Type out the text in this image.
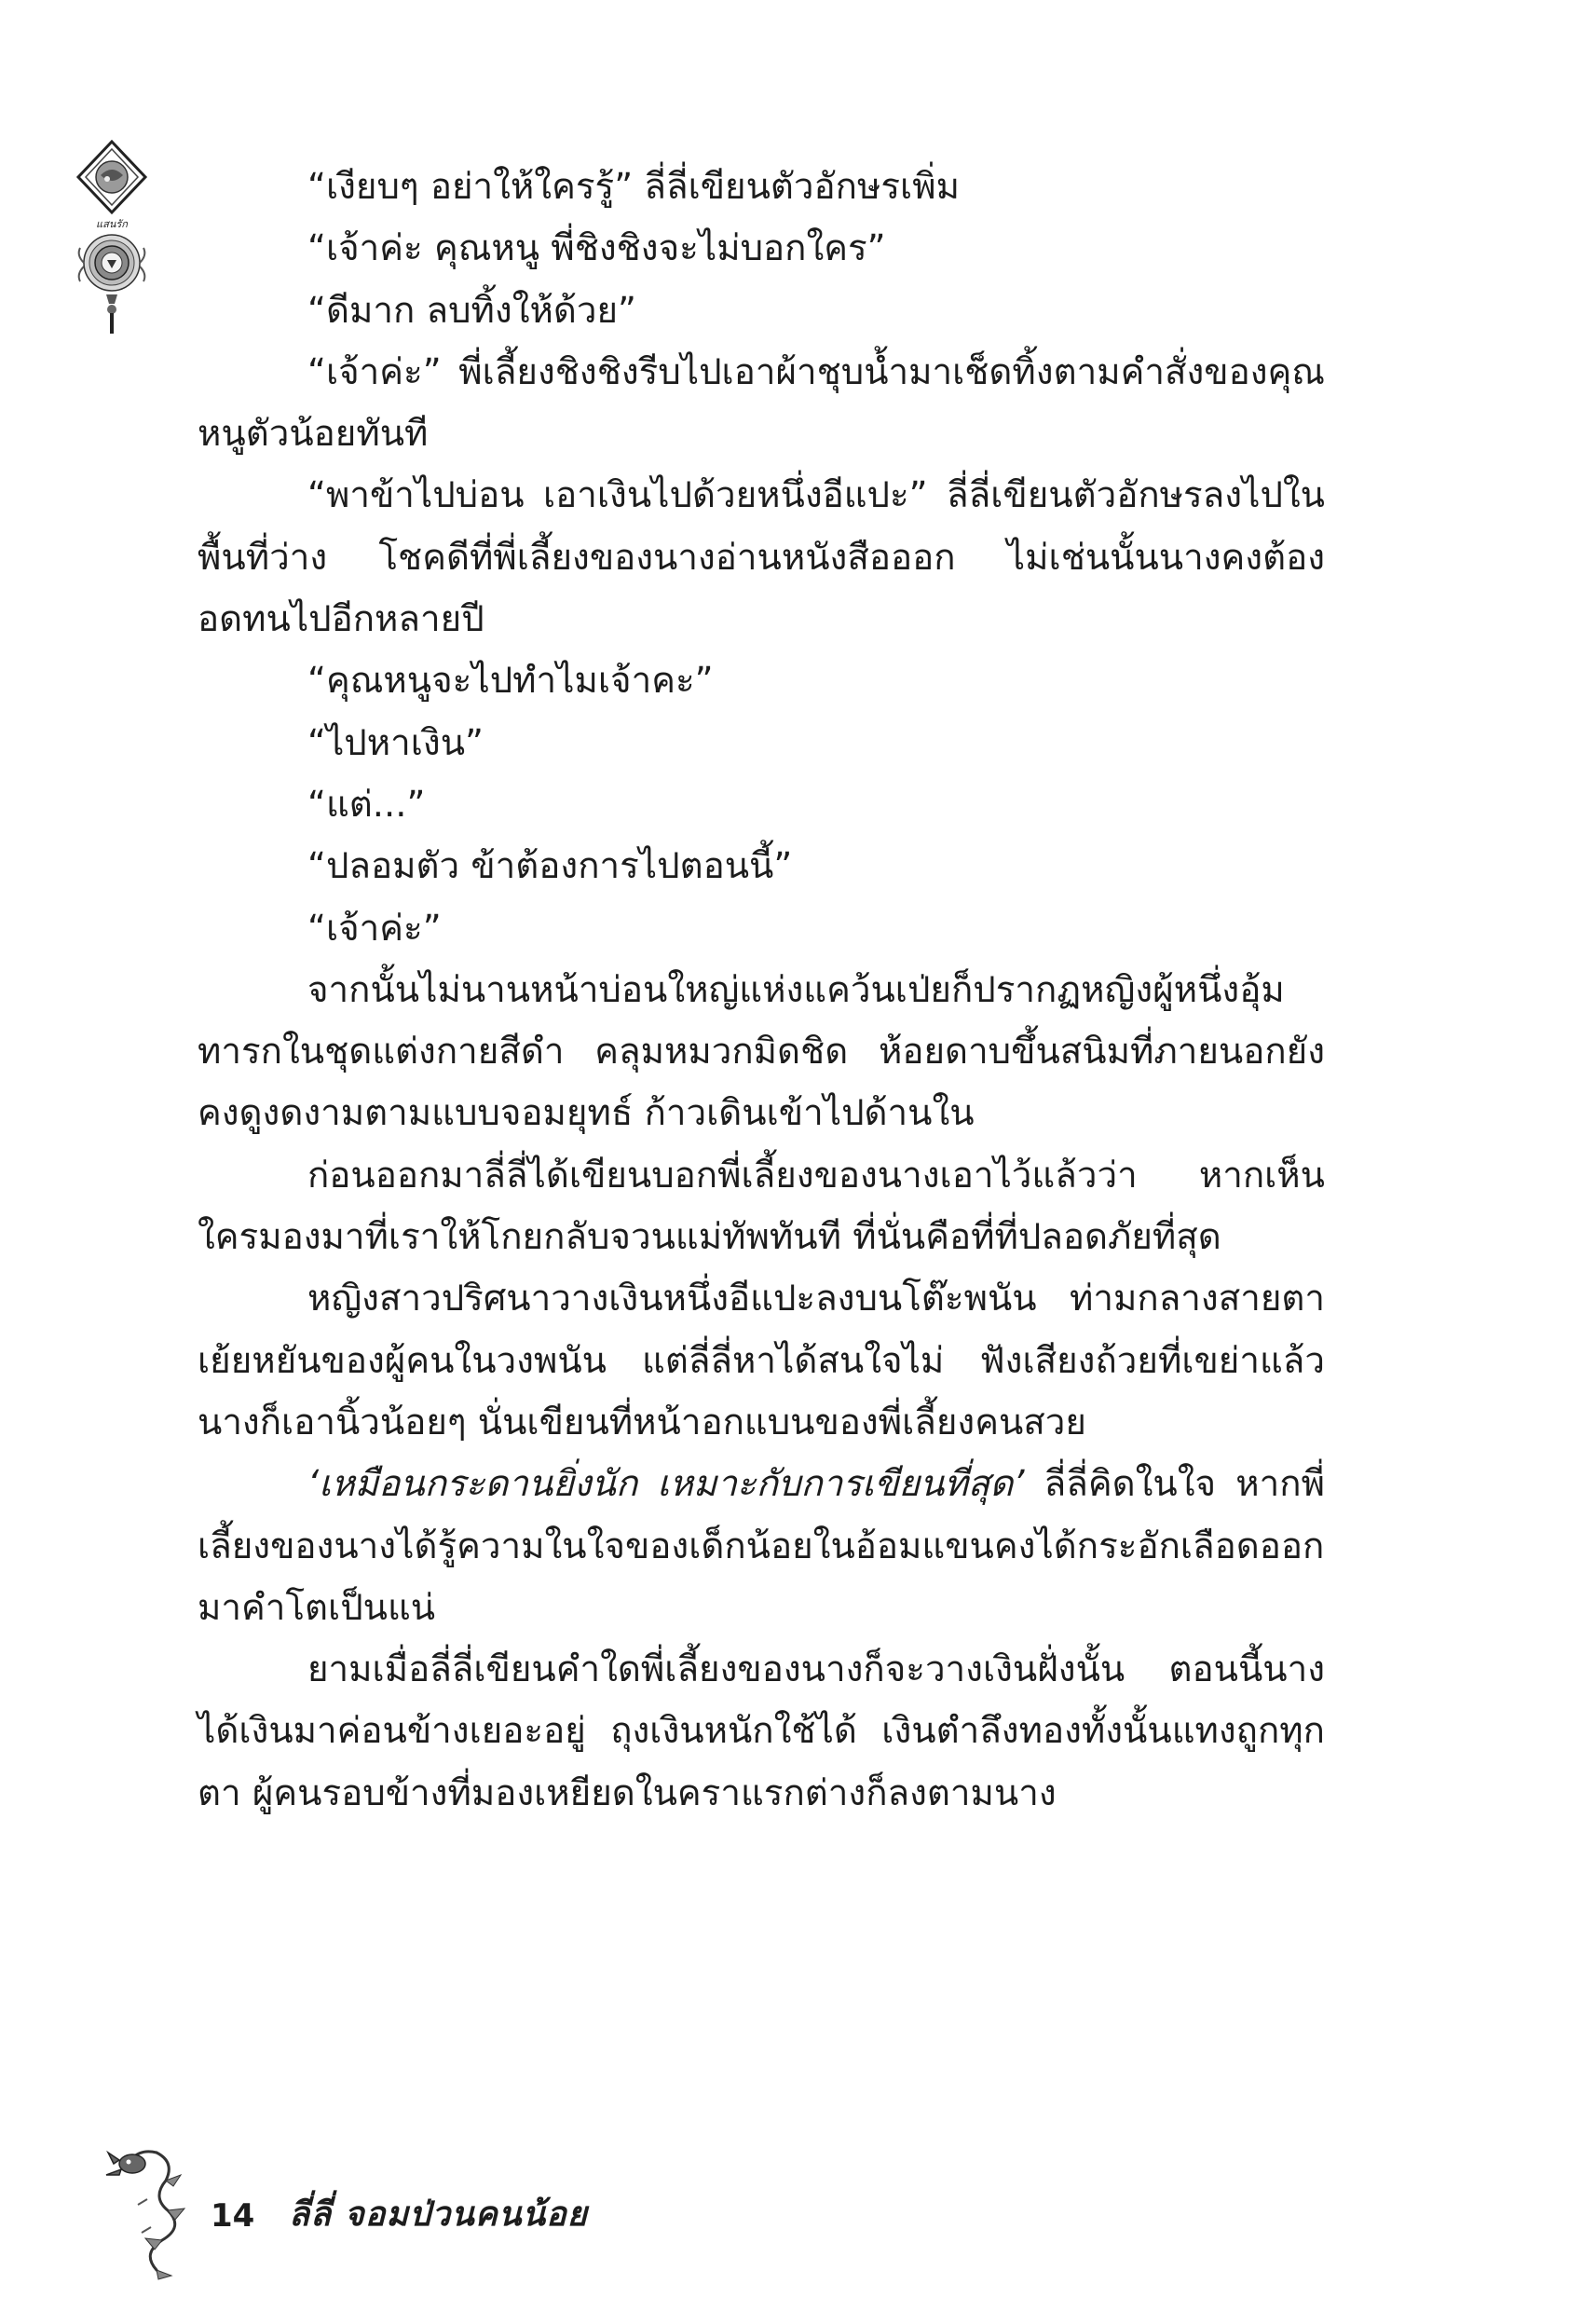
แสนรัก

“เงียบๆ อย่าให้ใครรู้” ลี่ลี่เขียนตัวอักษรเพิ่ม

“เจ้าค่ะ คุณหนู พี่ชิงชิงจะไม่บอกใคร”

“ดีมาก ลบทิ้งให้ด้วย”

“เจ้าค่ะ” พี่เลี้ยงชิงชิงรีบไปเอาผ้าชุบน้ำมาเช็ดทิ้งตามคำสั่งของคุณหนูตัวน้อยทันที

“พาข้าไปบ่อน เอาเงินไปด้วยหนึ่งอีแปะ” ลี่ลี่เขียนตัวอักษรลงไปในพื้นที่ว่าง โชคดีที่พี่เลี้ยงของนางอ่านหนังสือออก ไม่เช่นนั้นนางคงต้องอดทนไปอีกหลายปี

“คุณหนูจะไปทำไมเจ้าคะ”

“ไปหาเงิน”

“แต่...”

“ปลอมตัว ข้าต้องการไปตอนนี้”

“เจ้าค่ะ”

จากนั้นไม่นานหน้าบ่อนใหญ่แห่งแคว้นเป่ยก็ปรากฏหญิงผู้หนึ่งอุ้มทารกในชุดแต่งกายสีดำ คลุมหมวกมิดชิด ห้อยดาบขึ้นสนิมที่ภายนอกยังคงดูงดงามตามแบบจอมยุทธ์ ก้าวเดินเข้าไปด้านใน

ก่อนออกมาลี่ลี่ได้เขียนบอกพี่เลี้ยงของนางเอาไว้แล้วว่า หากเห็นใครมองมาที่เราให้โกยกลับจวนแม่ทัพทันที ที่นั่นคือที่ที่ปลอดภัยที่สุด

หญิงสาวปริศนาวางเงินหนึ่งอีแปะลงบนโต๊ะพนัน ท่ามกลางสายตาเย้ยหยันของผู้คนในวงพนัน แต่ลี่ลี่หาได้สนใจไม่ ฟังเสียงถ้วยที่เขย่าแล้วนางก็เอานิ้วน้อยๆ นั่นเขียนที่หน้าอกแบนของพี่เลี้ยงคนสวย

‘เหมือนกระดานยิ่งนัก เหมาะกับการเขียนที่สุด’ ลี่ลี่คิดในใจ หากพี่เลี้ยงของนางได้รู้ความในใจของเด็กน้อยในอ้อมแขนคงได้กระอักเลือดออกมาคำโตเป็นแน่

ยามเมื่อลี่ลี่เขียนคำใดพี่เลี้ยงของนางก็จะวางเงินฝั่งนั้น ตอนนี้นางได้เงินมาค่อนข้างเยอะอยู่ ถุงเงินหนักใช้ได้ เงินตำลึงทองทั้งนั้นแทงถูกทุกตา ผู้คนรอบข้างที่มองเหยียดในคราแรกต่างก็ลงตามนาง

14 ลี่ลี่ จอมป่วนคนน้อย
